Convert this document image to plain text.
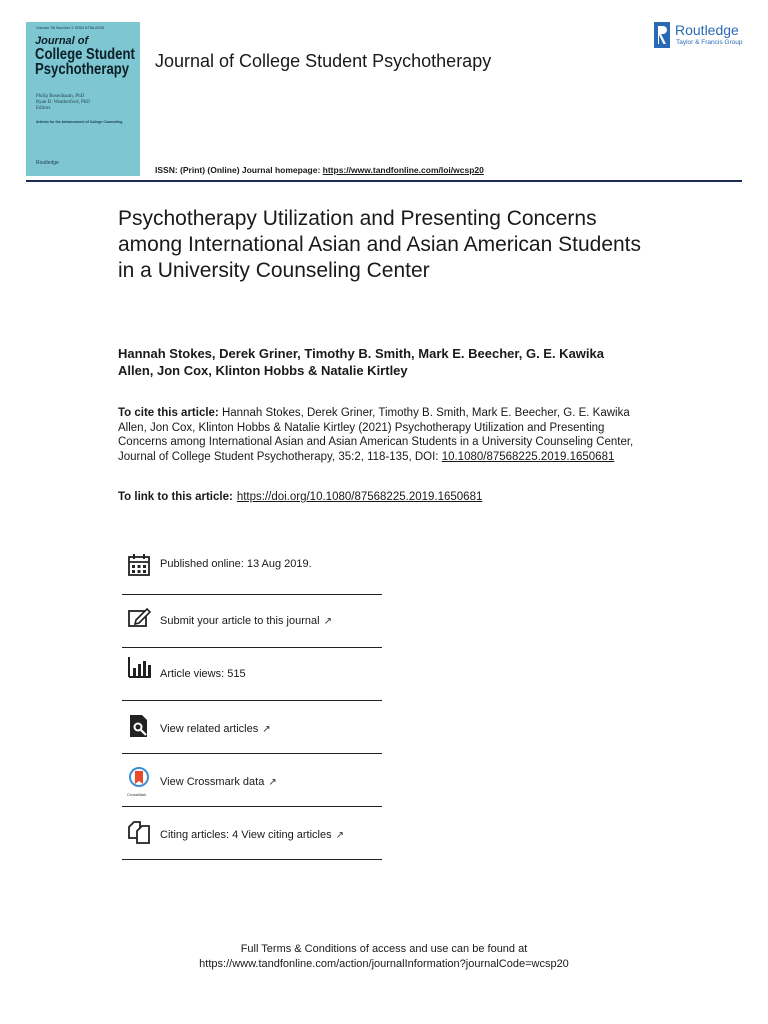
Volume 35 Number 2 ISSN 8756-8225
Journal of
College Student
Psychotherapy
Philip Rosenbaum, PhD
Ryan D. Weatherford, PhD
Editors
Articles for the Advancement of College Counseling
Routledge
Journal of College Student Psychotherapy
Routledge
Taylor & Francis Group
ISSN: (Print) (Online) Journal homepage: https://www.tandfonline.com/loi/wcsp20
Psychotherapy Utilization and Presenting Concerns among International Asian and Asian American Students in a University Counseling Center
Hannah Stokes, Derek Griner, Timothy B. Smith, Mark E. Beecher, G. E. Kawika Allen, Jon Cox, Klinton Hobbs & Natalie Kirtley
To cite this article: Hannah Stokes, Derek Griner, Timothy B. Smith, Mark E. Beecher, G. E. Kawika Allen, Jon Cox, Klinton Hobbs & Natalie Kirtley (2021) Psychotherapy Utilization and Presenting Concerns among International Asian and Asian American Students in a University Counseling Center, Journal of College Student Psychotherapy, 35:2, 118-135, DOI: 10.1080/87568225.2019.1650681
To link to this article: https://doi.org/10.1080/87568225.2019.1650681
Published online: 13 Aug 2019.
Submit your article to this journal ↗
Article views: 515
View related articles ↗
CrossMark
View Crossmark data ↗
Citing articles: 4 View citing articles ↗
Full Terms & Conditions of access and use can be found at
https://www.tandfonline.com/action/journalInformation?journalCode=wcsp20
